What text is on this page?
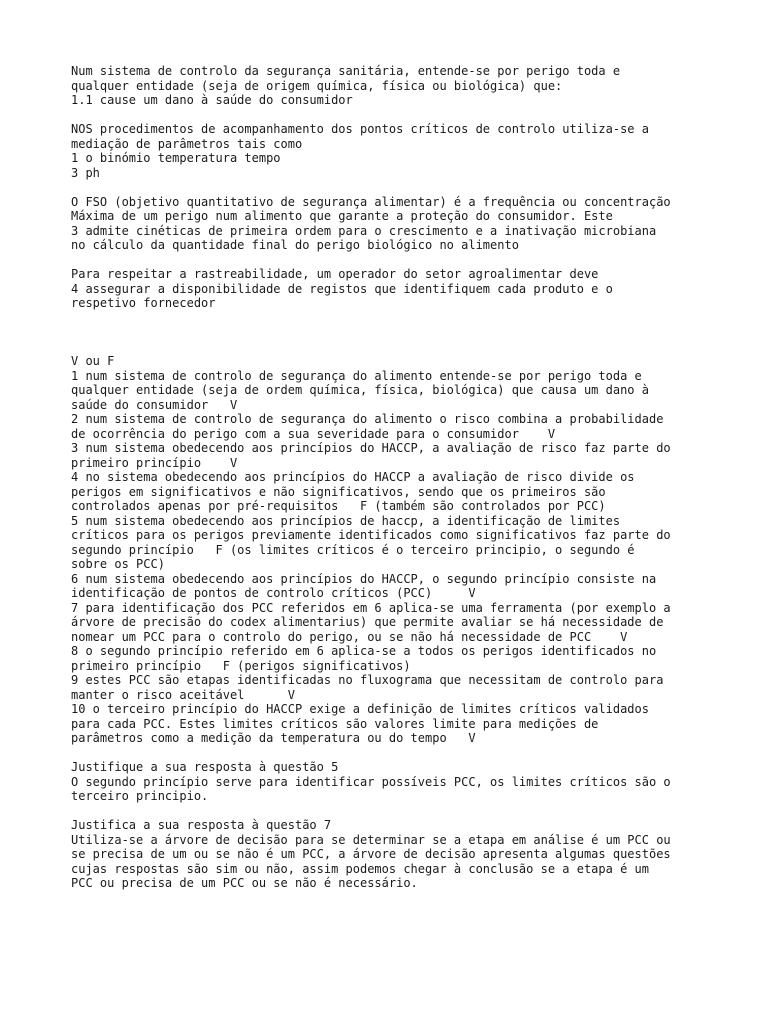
Num sistema de controlo da segurança sanitária, entende-se por perigo toda e

qualquer entidade (seja de origem química, física ou biológica) que:

1.1 cause um dano à saúde do consumidor

NOS procedimentos de acompanhamento dos pontos críticos de controlo utiliza-se a

mediação de parâmetros tais como

1 o binómio temperatura tempo

3 ph

O FSO (objetivo quantitativo de segurança alimentar) é a frequência ou concentração

Máxima de um perigo num alimento que garante a proteção do consumidor. Este

3 admite cinéticas de primeira ordem para o crescimento e a inativação microbiana

no cálculo da quantidade final do perigo biológico no alimento

Para respeitar a rastreabilidade, um operador do setor agroalimentar deve

4 assegurar a disponibilidade de registos que identifiquem cada produto e o

respetivo fornecedor

V ou F

1 num sistema de controlo de segurança do alimento entende-se por perigo toda e

qualquer entidade (seja de ordem química, física, biológica) que causa um dano à

saúde do consumidor   V

2 num sistema de controlo de segurança do alimento o risco combina a probabilidade

de ocorrência do perigo com a sua severidade para o consumidor    V

3 num sistema obedecendo aos princípios do HACCP, a avaliação de risco faz parte do

primeiro princípio    V

4 no sistema obedecendo aos princípios do HACCP a avaliação de risco divide os

perigos em significativos e não significativos, sendo que os primeiros são

controlados apenas por pré-requisitos   F (também são controlados por PCC)

5 num sistema obedecendo aos princípios de haccp, a identificação de limites

críticos para os perigos previamente identificados como significativos faz parte do

segundo princípio   F (os limites críticos é o terceiro principio, o segundo é

sobre os PCC)

6 num sistema obedecendo aos princípios do HACCP, o segundo princípio consiste na

identificação de pontos de controlo críticos (PCC)     V

7 para identificação dos PCC referidos em 6 aplica-se uma ferramenta (por exemplo a

árvore de precisão do codex alimentarius) que permite avaliar se há necessidade de

nomear um PCC para o controlo do perigo, ou se não há necessidade de PCC    V

8 o segundo princípio referido em 6 aplica-se a todos os perigos identificados no

primeiro princípio   F (perigos significativos)

9 estes PCC são etapas identificadas no fluxograma que necessitam de controlo para

manter o risco aceitável      V

10 o terceiro princípio do HACCP exige a definição de limites críticos validados

para cada PCC. Estes limites críticos são valores limite para medições de

parâmetros como a medição da temperatura ou do tempo   V

Justifique a sua resposta à questão 5

O segundo princípio serve para identificar possíveis PCC, os limites críticos são o

terceiro principio.

Justifica a sua resposta à questão 7

Utiliza-se a árvore de decisão para se determinar se a etapa em análise é um PCC ou

se precisa de um ou se não é um PCC, a árvore de decisão apresenta algumas questões

cujas respostas são sim ou não, assim podemos chegar à conclusão se a etapa é um

PCC ou precisa de um PCC ou se não é necessário.
